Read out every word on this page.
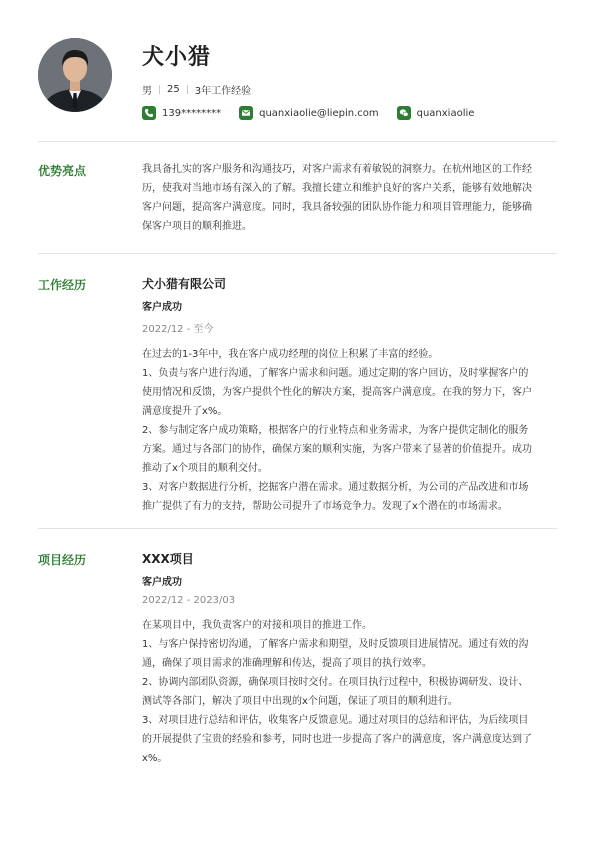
犬小猎
男 25 3年工作经验
139********	quanxiaolie@liepin.com	quanxiaolie
优势亮点	我具备扎实的客户服务和沟通技巧，对客户需求有着敏锐的洞察力。在杭州地区的工作经

历，使我对当地市场有深入的了解。我擅长建立和维护良好的客户关系，能够有效地解决

客户问题，提高客户满意度。同时，我具备较强的团队协作能力和项目管理能力，能够确

保客户项目的顺利推进。

工作经历	犬小猎有限公司

客户成功

2022/12 - 至今

在过去的1-3年中，我在客户成功经理的岗位上积累了丰富的经验。

1、负责与客户进行沟通，了解客户需求和问题。通过定期的客户回访，及时掌握客户的

使用情况和反馈，为客户提供个性化的解决方案，提高客户满意度。在我的努力下，客户

满意度提升了x%。

2、参与制定客户成功策略，根据客户的行业特点和业务需求，为客户提供定制化的服务

方案。通过与各部门的协作，确保方案的顺利实施，为客户带来了显著的价值提升。成功

推动了x个项目的顺利交付。

3、对客户数据进行分析，挖掘客户潜在需求。通过数据分析，为公司的产品改进和市场

推广提供了有力的支持，帮助公司提升了市场竞争力。发现了x个潜在的市场需求。

项目经历	XXX项目

客户成功

2022/12 - 2023/03

在某项目中，我负责客户的对接和项目的推进工作。

1、与客户保持密切沟通，了解客户需求和期望，及时反馈项目进展情况。通过有效的沟

通，确保了项目需求的准确理解和传达，提高了项目的执行效率。

2、协调内部团队资源，确保项目按时交付。在项目执行过程中，积极协调研发、设计、

测试等各部门，解决了项目中出现的x个问题，保证了项目的顺利进行。

3、对项目进行总结和评估，收集客户反馈意见。通过对项目的总结和评估，为后续项目

的开展提供了宝贵的经验和参考，同时也进一步提高了客户的满意度，客户满意度达到了

x%。
